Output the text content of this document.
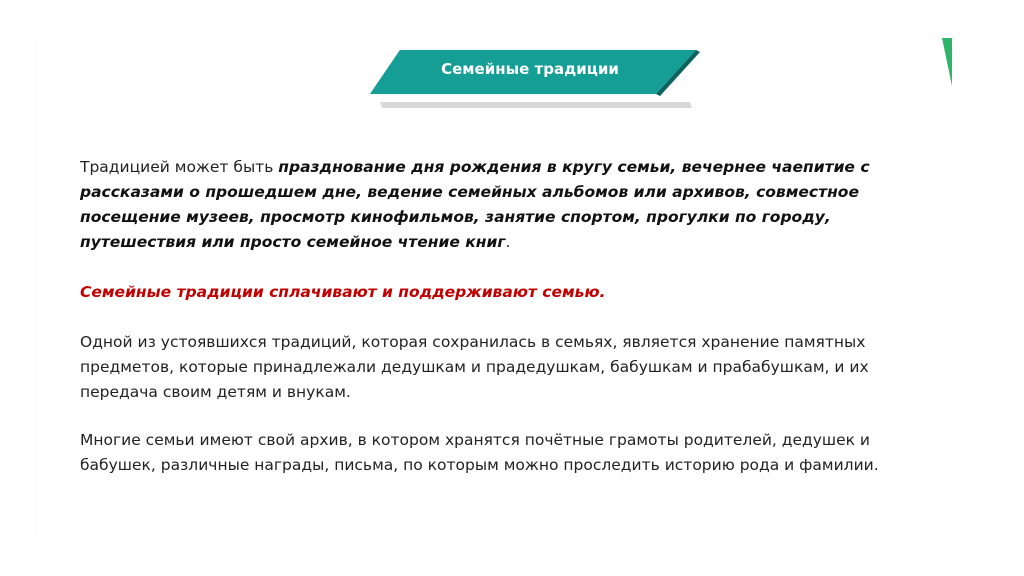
Семейные традиции

Традицией может быть празднование дня рождения в кругу семьи, вечернее чаепитие с рассказами о прошедшем дне, ведение семейных альбомов или архивов, совместное посещение музеев, просмотр кинофильмов, занятие спортом, прогулки по городу, путешествия или просто семейное чтение книг.

Семейные традиции сплачивают и поддерживают семью.

Одной из устоявшихся традиций, которая сохранилась в семьях, является хранение памятных предметов, которые принадлежали дедушкам и прадедушкам, бабушкам и прабабушкам, и их передача своим детям и внукам.

Многие семьи имеют свой архив, в котором хранятся почётные грамоты родителей, дедушек и бабушек, различные награды, письма, по которым можно проследить историю рода и фамилии.
